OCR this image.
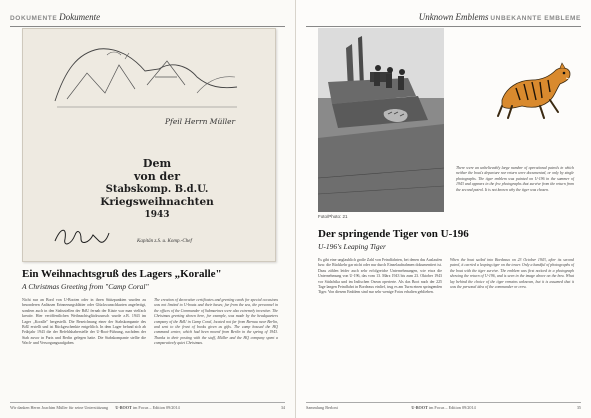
DOKUMENTE Dokumente
Pfeil Herrn Müller
Dem
von der
Stabskomp. B.d.U.
Kriegsweihnachten
1943
Kapitän z.S. u. Komp.-Chef
Ein Weihnachtsgruß des Lagers „Koralle"
A Christmas Greeting from "Camp Coral"
Nicht nur an Bord von U-Booten oder in ihren Stützpunkten wurden zu besonderen Anlässen Erinnerungsblätter oder Glückwunschkarten angefertigt, sondern auch in den Stabsstellen der BdU fernab der Küste war man vielfach kreativ. Hier veröffentlichen Weihnachtsglückwunsch wurde z.B. 1943 im Lager „Koralle" hergestellt. Die Bezeichnung einer der Stabskompanie des BdU erstellt und ist Rückgeschenkte entgeltlich. In dem Lager befand sich ab Frühjahr 1943 die der Befehlshaberstelle der U-Boot-Führung, nachdem der Stab zuvor in Paris und Berlin gelegen hatte. Die Stabskompanie stellte die Wach- und Versorgungsaufgaben.
The creation of decorative certificates and greeting cards for special occasions was not limited to U-boats and their bases; far from the sea, the personnel in the offices of the Commander of Submarines were also extremely inventive. The Christmas greeting shown here, for example, was made by the headquarters company of the BdU in Camp Coral, located not far from Bernau near Berlin, and sent to the front of books given as gifts. The camp housed the HQ command centre, which had been moved from Berlin in the spring of 1943. Thanks to their posting with the staff, Müller and the HQ company spent a comparatively quiet Christmas.
Wir danken Herrn Joachim Müller für seine Unterstützung	U-BOOT im Focus – Edition 09/2014	34
Unknown Emblems UNBEKANNTE EMBLEME
Foto/Photo: 21
There were an unbelievably large number of operational patrols in which neither the boat's departure nor return were documented, or only by single photographs. The tiger emblem was painted on U-196 in the summer of 1943 and appears in the few photographs that survive from the return from the second patrol. It is not known why the tiger was chosen.
Der springende Tiger von U-196
U-196's Leaping Tiger
Es gibt eine unglaublich große Zahl von Feindfahrten, bei denen das Auslaufen bzw. die Rückkehr gar nicht oder nur durch Einzelaufnahmen dokumentiert ist. Dazu zählen leider auch sehr erfolgreiche Unternehmungen, wie etwa die Unternehmung von U-196, das vom 13. März 1943 bis zum 23. Oktober 1943 vor Südafrika und im Indischen Ozean operierte. Als das Boot nach der 225 Tage langen Feindfahrt in Bordeaux einlief, trug es am Turm einen springenden Tiger. Von diesem Emblem sind nur sehr wenige Fotos erhalten geblieben.
When the boat sailed into Bordeaux on 23 October 1943, after its second patrol, it carried a leaping tiger on the tower. Only a handful of photographs of the boat with the tiger survive. The emblem was first noticed in a photograph showing the return of U-196, and is seen in the image above on the bow. What lay behind the choice of the tiger remains unknown, but it is assumed that it was the personal idea of the commander or crew.
Sammlung Berloni	U-BOOT im Focus – Edition 09/2014	35
